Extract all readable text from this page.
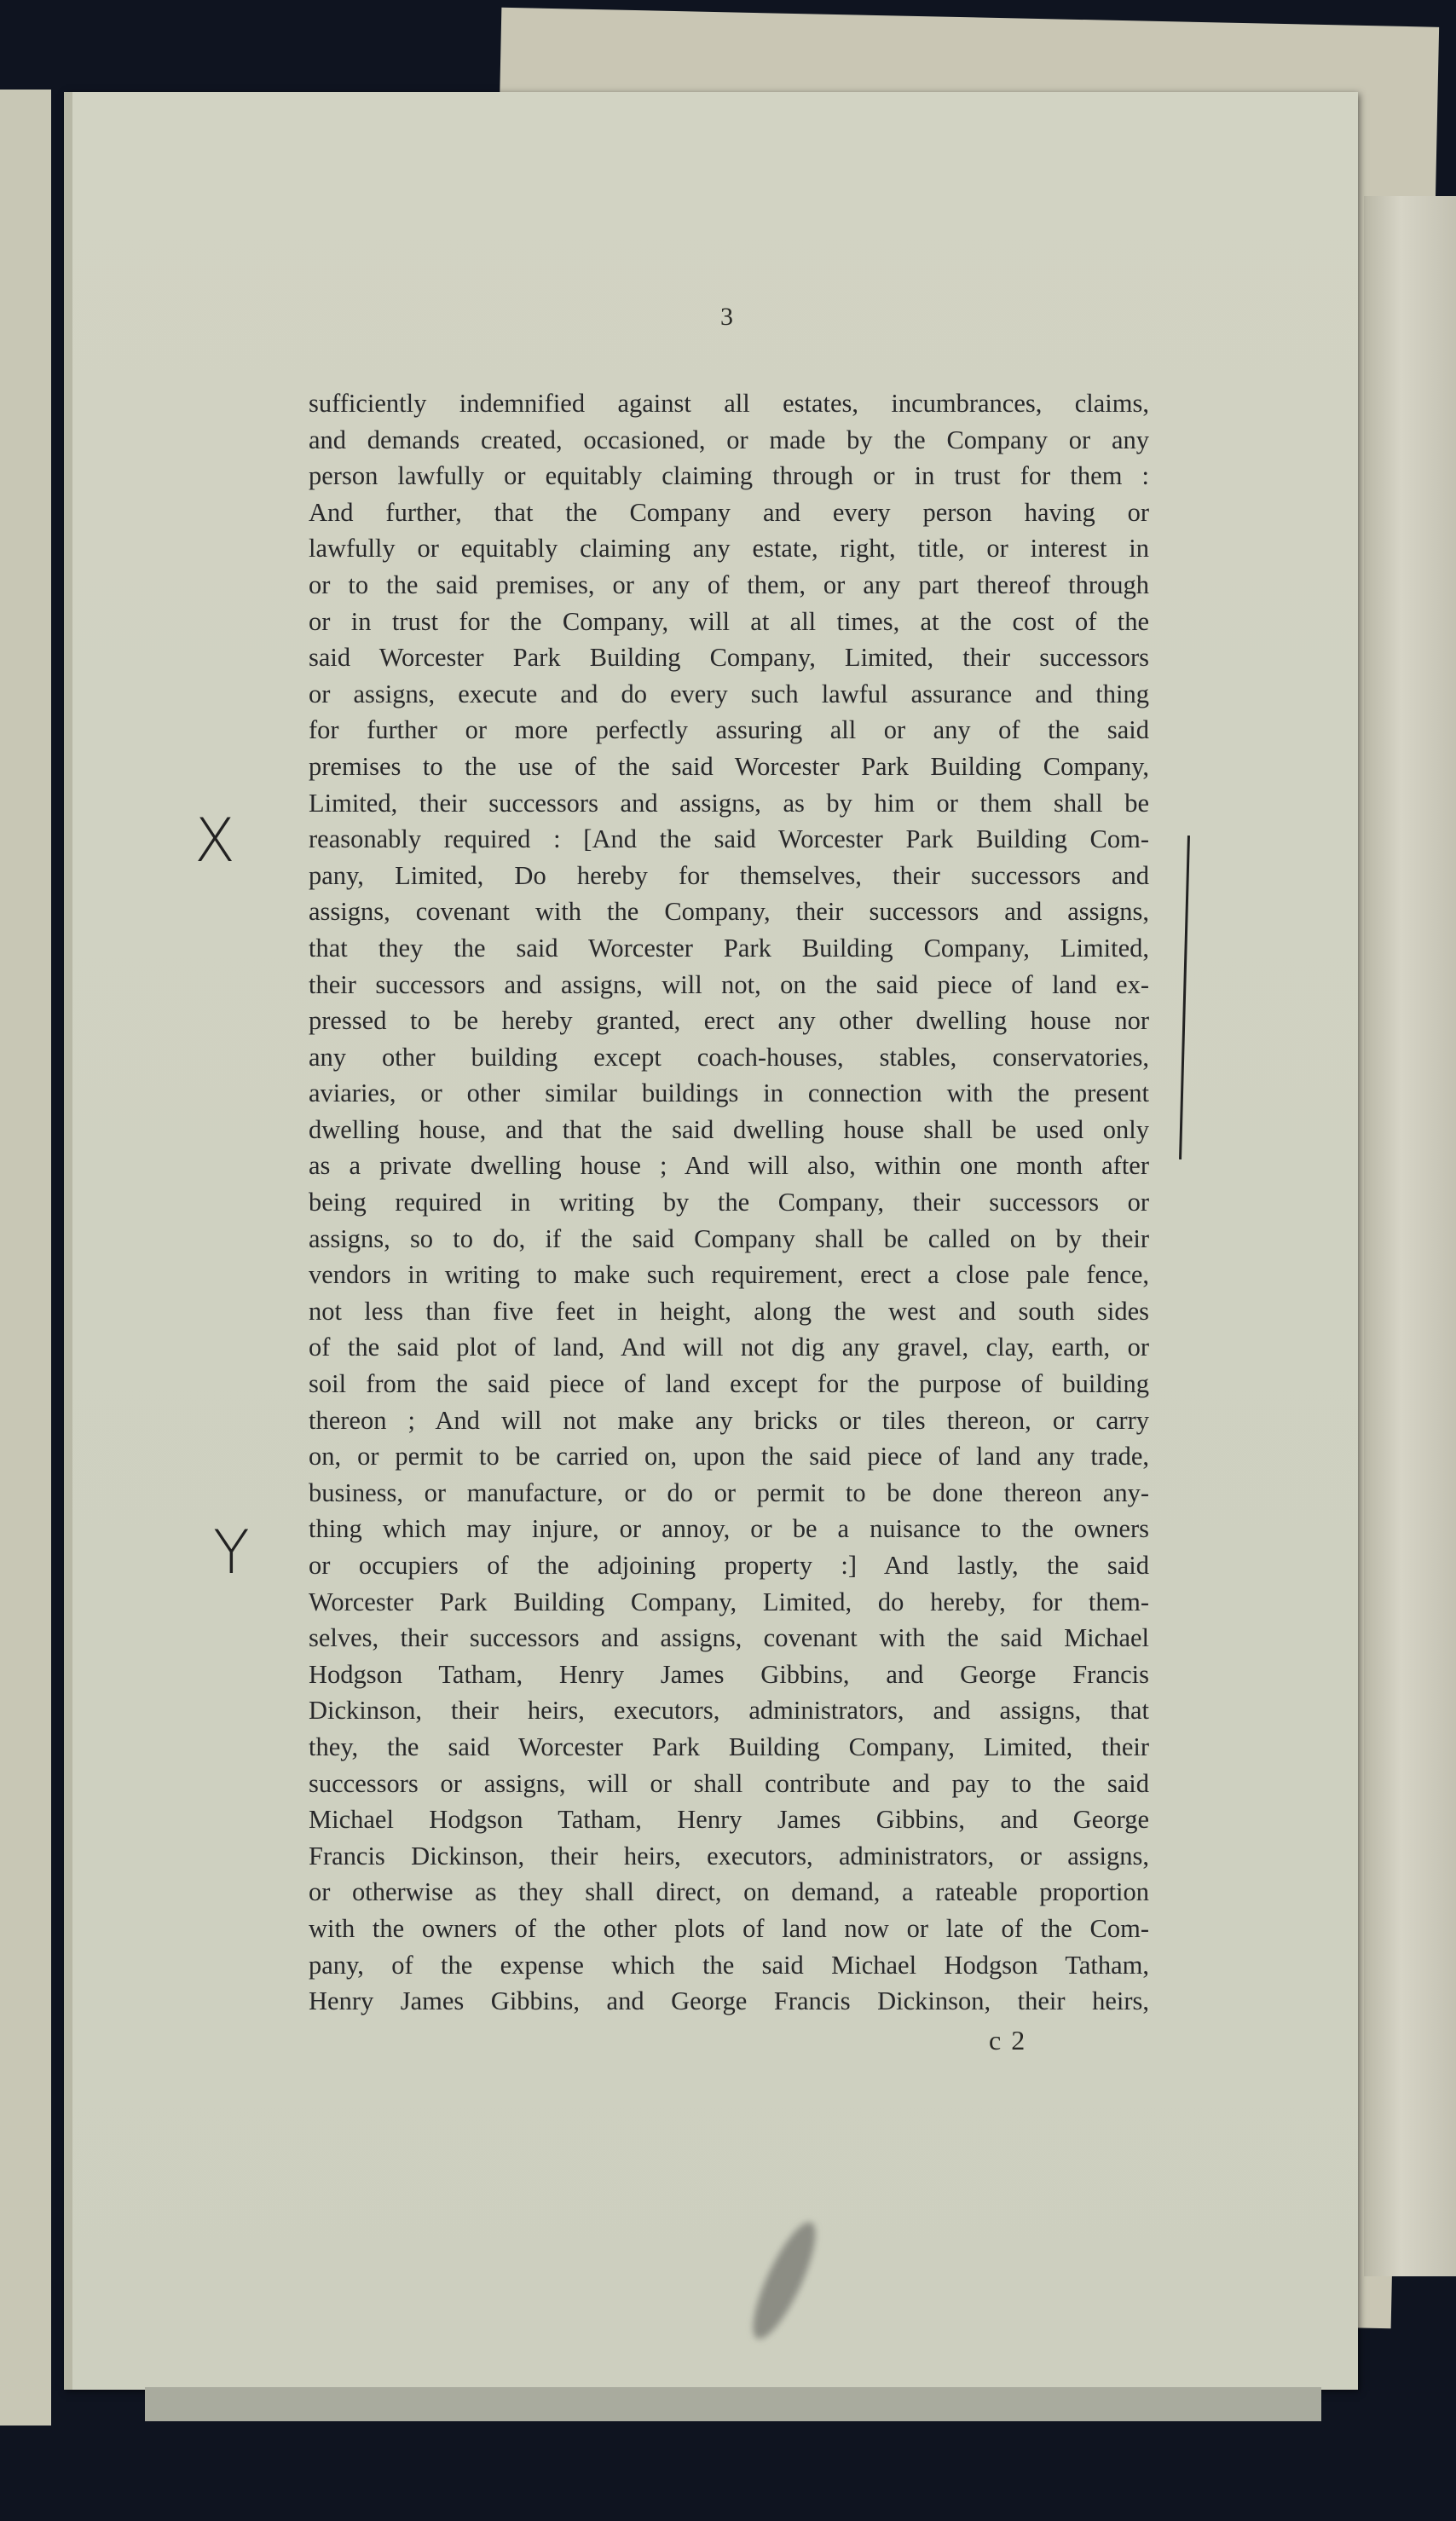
3
sufficiently indemnified against all estates, incumbrances, claims,
and demands created, occasioned, or made by the Company or any
person lawfully or equitably claiming through or in trust for them :
And further, that the Company and every person having or
lawfully or equitably claiming any estate, right, title, or interest in
or to the said premises, or any of them, or any part thereof through
or in trust for the Company, will at all times, at the cost of the
said Worcester Park Building Company, Limited, their successors
or assigns, execute and do every such lawful assurance and thing
for further or more perfectly assuring all or any of the said
premises to the use of the said Worcester Park Building Company,
Limited, their successors and assigns, as by him or them shall be
reasonably required : [And the said Worcester Park Building Com-
pany, Limited, Do hereby for themselves, their successors and
assigns, covenant with the Company, their successors and assigns,
that they the said Worcester Park Building Company, Limited,
their successors and assigns, will not, on the said piece of land ex-
pressed to be hereby granted, erect any other dwelling house nor
any other building except coach-houses, stables, conservatories,
aviaries, or other similar buildings in connection with the present
dwelling house, and that the said dwelling house shall be used only
as a private dwelling house ; And will also, within one month after
being required in writing by the Company, their successors or
assigns, so to do, if the said Company shall be called on by their
vendors in writing to make such requirement, erect a close pale fence,
not less than five feet in height, along the west and south sides
of the said plot of land, And will not dig any gravel, clay, earth, or
soil from the said piece of land except for the purpose of building
thereon ; And will not make any bricks or tiles thereon, or carry
on, or permit to be carried on, upon the said piece of land any trade,
business, or manufacture, or do or permit to be done thereon any-
thing which may injure, or annoy, or be a nuisance to the owners
or occupiers of the adjoining property :] And lastly, the said
Worcester Park Building Company, Limited, do hereby, for them-
selves, their successors and assigns, covenant with the said Michael
Hodgson Tatham, Henry James Gibbins, and George Francis
Dickinson, their heirs, executors, administrators, and assigns, that
they, the said Worcester Park Building Company, Limited, their
successors or assigns, will or shall contribute and pay to the said
Michael Hodgson Tatham, Henry James Gibbins, and George
Francis Dickinson, their heirs, executors, administrators, or assigns,
or otherwise as they shall direct, on demand, a rateable proportion
with the owners of the other plots of land now or late of the Com-
pany, of the expense which the said Michael Hodgson Tatham,
Henry James Gibbins, and George Francis Dickinson, their heirs,
c 2
X
Y
